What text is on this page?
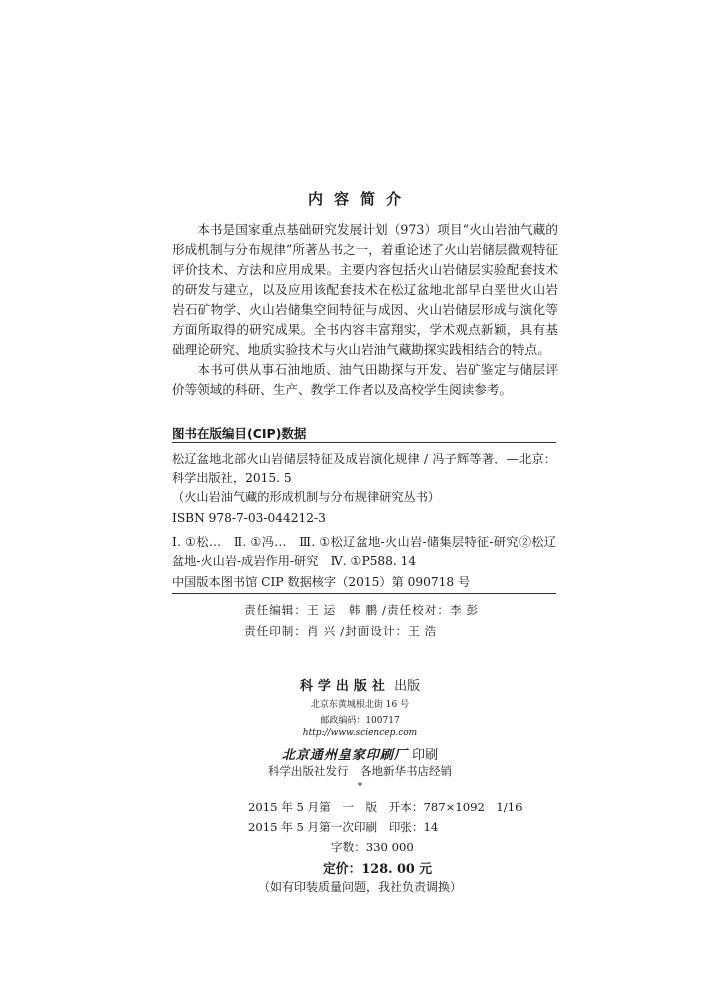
内容简介

本书是国家重点基础研究发展计划（973）项目“火山岩油气藏的形成机制与分布规律”所著丛书之一，着重论述了火山岩储层微观特征评价技术、方法和应用成果。主要内容包括火山岩储层实验配套技术的研发与建立，以及应用该配套技术在松辽盆地北部早白垩世火山岩岩石矿物学、火山岩储集空间特征与成因、火山岩储层形成与演化等方面所取得的研究成果。全书内容丰富翔实，学术观点新颖，具有基础理论研究、地质实验技术与火山岩油气藏勘探实践相结合的特点。

本书可供从事石油地质、油气田勘探与开发、岩矿鉴定与储层评价等领域的科研、生产、教学工作者以及高校学生阅读参考。

图书在版编目(CIP)数据

松辽盆地北部火山岩储层特征及成岩演化规律 / 冯子辉等著．—北京：科学出版社，2015. 5

（火山岩油气藏的形成机制与分布规律研究丛书）

ISBN 978-7-03-044212-3
Ⅰ. ①松…　Ⅱ. ①冯…　Ⅲ. ①松辽盆地-火山岩-储集层特征-研究②松辽盆地-火山岩-成岩作用-研究　Ⅳ. ①P588. 14
中国版本图书馆 CIP 数据核字（2015）第 090718 号
责任编辑：王运 韩鹏/责任校对：李彭
责任印制：肖兴/封面设计：王浩
科学出版社 出版
北京东黄城根北街 16 号
邮政编码：100717
http://www.sciencep.com
北京通州皇家印刷厂 印刷
科学出版社发行　各地新华书店经销
*
2015 年 5 月第　一　版　开本：787×1092　1/16
2015 年 5 月第一次印刷　印张：14
字数：330 000
定价：128. 00 元
（如有印装质量问题，我社负责调换）
